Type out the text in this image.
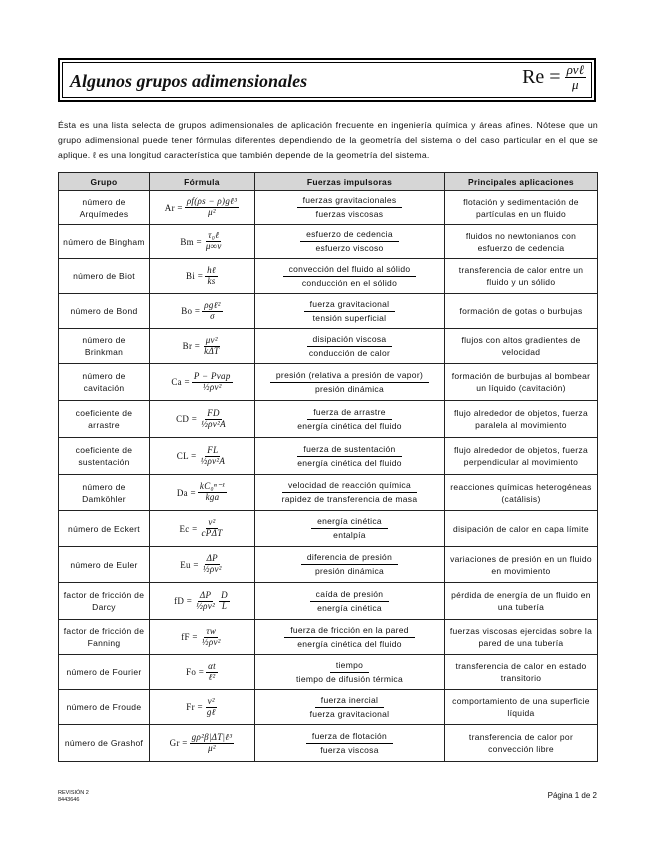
Algunos grupos adimensionales	$Re = \frac{\text{ρvℓ}}{\mu}$
Ésta es una lista selecta de grupos adimensionales de aplicación frecuente en ingeniería química y áreas afines. Nótese que un grupo adimensional puede tener fórmulas diferentes dependiendo de la geometría del sistema o del caso particular en el que se aplique. ℓ es una longitud característica que también depende de la geometría del sistema.
Grupo	Fórmula	Fuerzas impulsoras	Principales aplicaciones
número de Arquímedes	$Ar = \frac{\text{ρf(ρs − ρ)gℓ³}}{\text{μ²}}$	$\frac{\text{fuerzas gravitacionales}}{\text{fuerzas viscosas}}$	flotación y sedimentación de partículas en un fluido
número de Bingham	$Bm = \frac{\text{τ₀ℓ}}{\mu\infty v}$	$\frac{\text{esfuerzo de cedencia}}{\text{esfuerzo viscoso}}$	fluidos no newtonianos con esfuerzo de cedencia
número de Biot	$Bi = \frac{\text{hℓ}}{ks}$	$\frac{\text{convección del fluido al sólido}}{\text{conducción en el sólido}}$	transferencia de calor entre un fluido y un sólido
número de Bond	$Bo = \frac{\text{ρgℓ²}}{\sigma}$	$\frac{\text{fuerza gravitacional}}{\text{tensión superficial}}$	formación de gotas o burbujas
número de Brinkman	$Br = \frac{\text{μv²}}{\text{kΔT}}$	$\frac{\text{disipación viscosa}}{\text{conducción de calor}}$	flujos con altos gradientes de velocidad
número de cavitación	$Ca = \frac{\text{P − Pvap}}{\text{½ρv²}}$	$\frac{\text{presión (relativa a presión de vapor)}}{\text{presión dinámica}}$	formación de burbujas al bombear un líquido (cavitación)
coeficiente de arrastre	CD = $\frac{FD}{\text{½ρv²A}}$	$\frac{\text{fuerza de arrastre}}{\text{energía cinética del fluido}}$	flujo alrededor de objetos, fuerza paralela al movimiento
coeficiente de sustentación	CL = $\frac{FL}{\text{½ρv²A}}$	$\frac{\text{fuerza de sustentación}}{\text{energía cinética del fluido}}$	flujo alrededor de objetos, fuerza perpendicular al movimiento
número de Damköhler	$Da = \frac{\text{kC₀ⁿ⁻¹}}{\text{kga}}$	$\frac{\text{velocidad de reacción química}}{\text{rapidez de transferencia de masa}}$	reacciones químicas heterogéneas (catálisis)
número de Eckert	$Ec = \frac{\text{v²}}{\text{cPΔT}}$	$\frac{\text{energía cinética}}{\text{entalpía}}$	disipación de calor en capa límite
número de Euler	$Eu = \frac{\Delta P}{\text{½ρv²}}$	$\frac{\text{diferencia de presión}}{\text{presión dinámica}}$	variaciones de presión en un fluido en movimiento
factor de fricción de Darcy	fD = $\frac{\Delta P}{\text{½ρv²}} \frac{D}{L}$	$\frac{\text{caída de presión}}{\text{energía cinética}}$	pérdida de energía de un fluido en una tubería
factor de fricción de Fanning	fF = $\frac{\tau w}{\text{½ρv²}}$	$\frac{\text{fuerza de fricción en la pared}}{\text{energía cinética del fluido}}$	fuerzas viscosas ejercidas sobre la pared de una tubería
número de Fourier	$Fo = \frac{\alpha t}{\text{ℓ²}}$	$\frac{\text{tiempo}}{\text{tiempo de difusión térmica}}$	transferencia de calor en estado transitorio
número de Froude	$Fr = \frac{\text{v²}}{\text{gℓ}}$	$\frac{\text{fuerza inercial}}{\text{fuerza gravitacional}}$	comportamiento de una superficie líquida
número de Grashof	$Gr = \frac{\text{gρ²β|ΔT|ℓ³}}{\text{μ²}}$	$\frac{\text{fuerza de flotación}}{\text{fuerza viscosa}}$	transferencia de calor por convección libre
REVISIÓN 2
8443646	Página 1 de 2
